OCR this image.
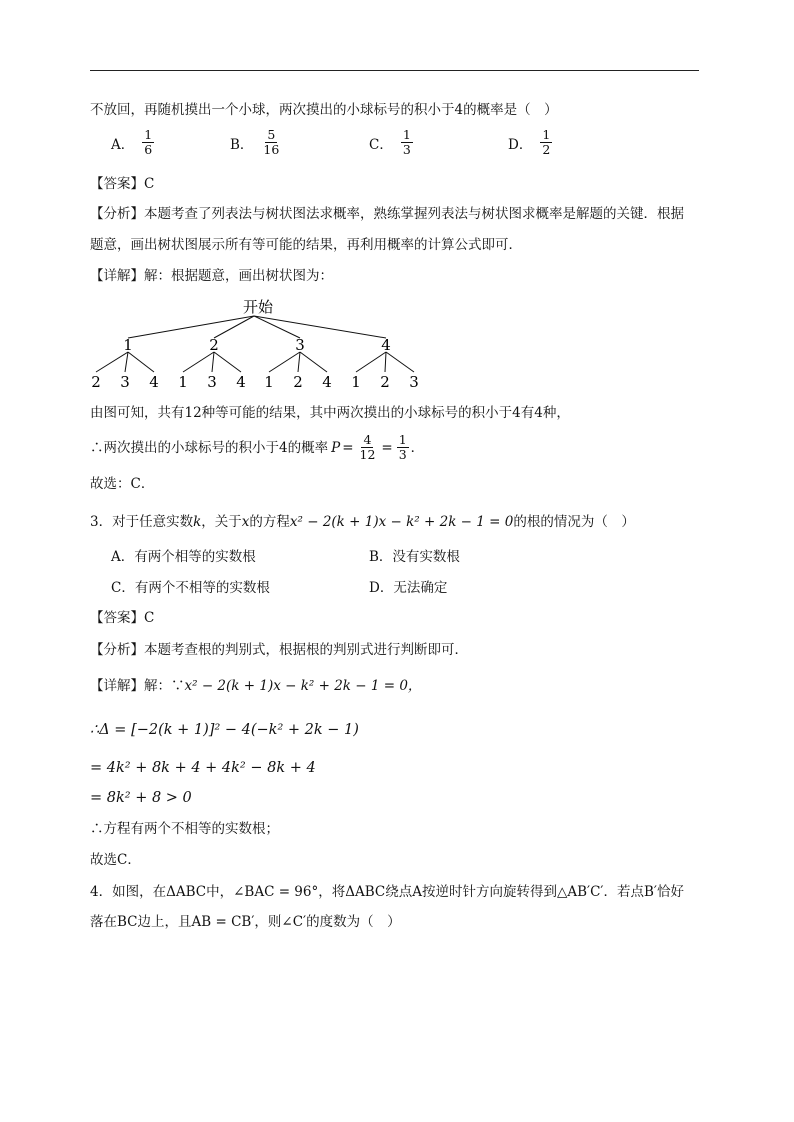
不放回，再随机摸出一个小球，两次摸出的小球标号的积小于4的概率是（　）
A． $\frac{1}{6}$	B． $\frac{5}{16}$	C． $\frac{1}{3}$	D． $\frac{1}{2}$
【答案】C
【分析】本题考查了列表法与树状图法求概率，熟练掌握列表法与树状图求概率是解题的关键．根据
题意，画出树状图展示所有等可能的结果，再利用概率的计算公式即可．
【详解】解：根据题意，画出树状图为：
开始
1	2	3	4
2 3 4 1 3 4 1 2 4 1 2 3
由图可知，共有12种等可能的结果，其中两次摸出的小球标号的积小于4有4种，
∴两次摸出的小球标号的积小于4的概率 $P = \frac{4}{12} = \frac{1}{3}$ ．
故选：C．
3．对于任意实数k，关于x的方程x² − 2(k + 1)x − k² + 2k − 1 = 0的根的情况为（　）
A．有两个相等的实数根	B．没有实数根
C．有两个不相等的实数根	D．无法确定
【答案】C
【分析】本题考查根的判别式，根据根的判别式进行判断即可．
【详解】解：∵x² − 2(k + 1)x − k² + 2k − 1 = 0，
∴Δ = [−2(k + 1)]² − 4(−k² + 2k − 1)
= 4k² + 8k + 4 + 4k² − 8k + 4
= 8k² + 8 > 0
∴方程有两个不相等的实数根；
故选C．
4．如图，在ΔABC中，∠BAC = 96°，将ΔABC绕点A按逆时针方向旋转得到△AB′C′．若点B′恰好
落在BC边上，且AB = CB′，则∠C′的度数为（　）
